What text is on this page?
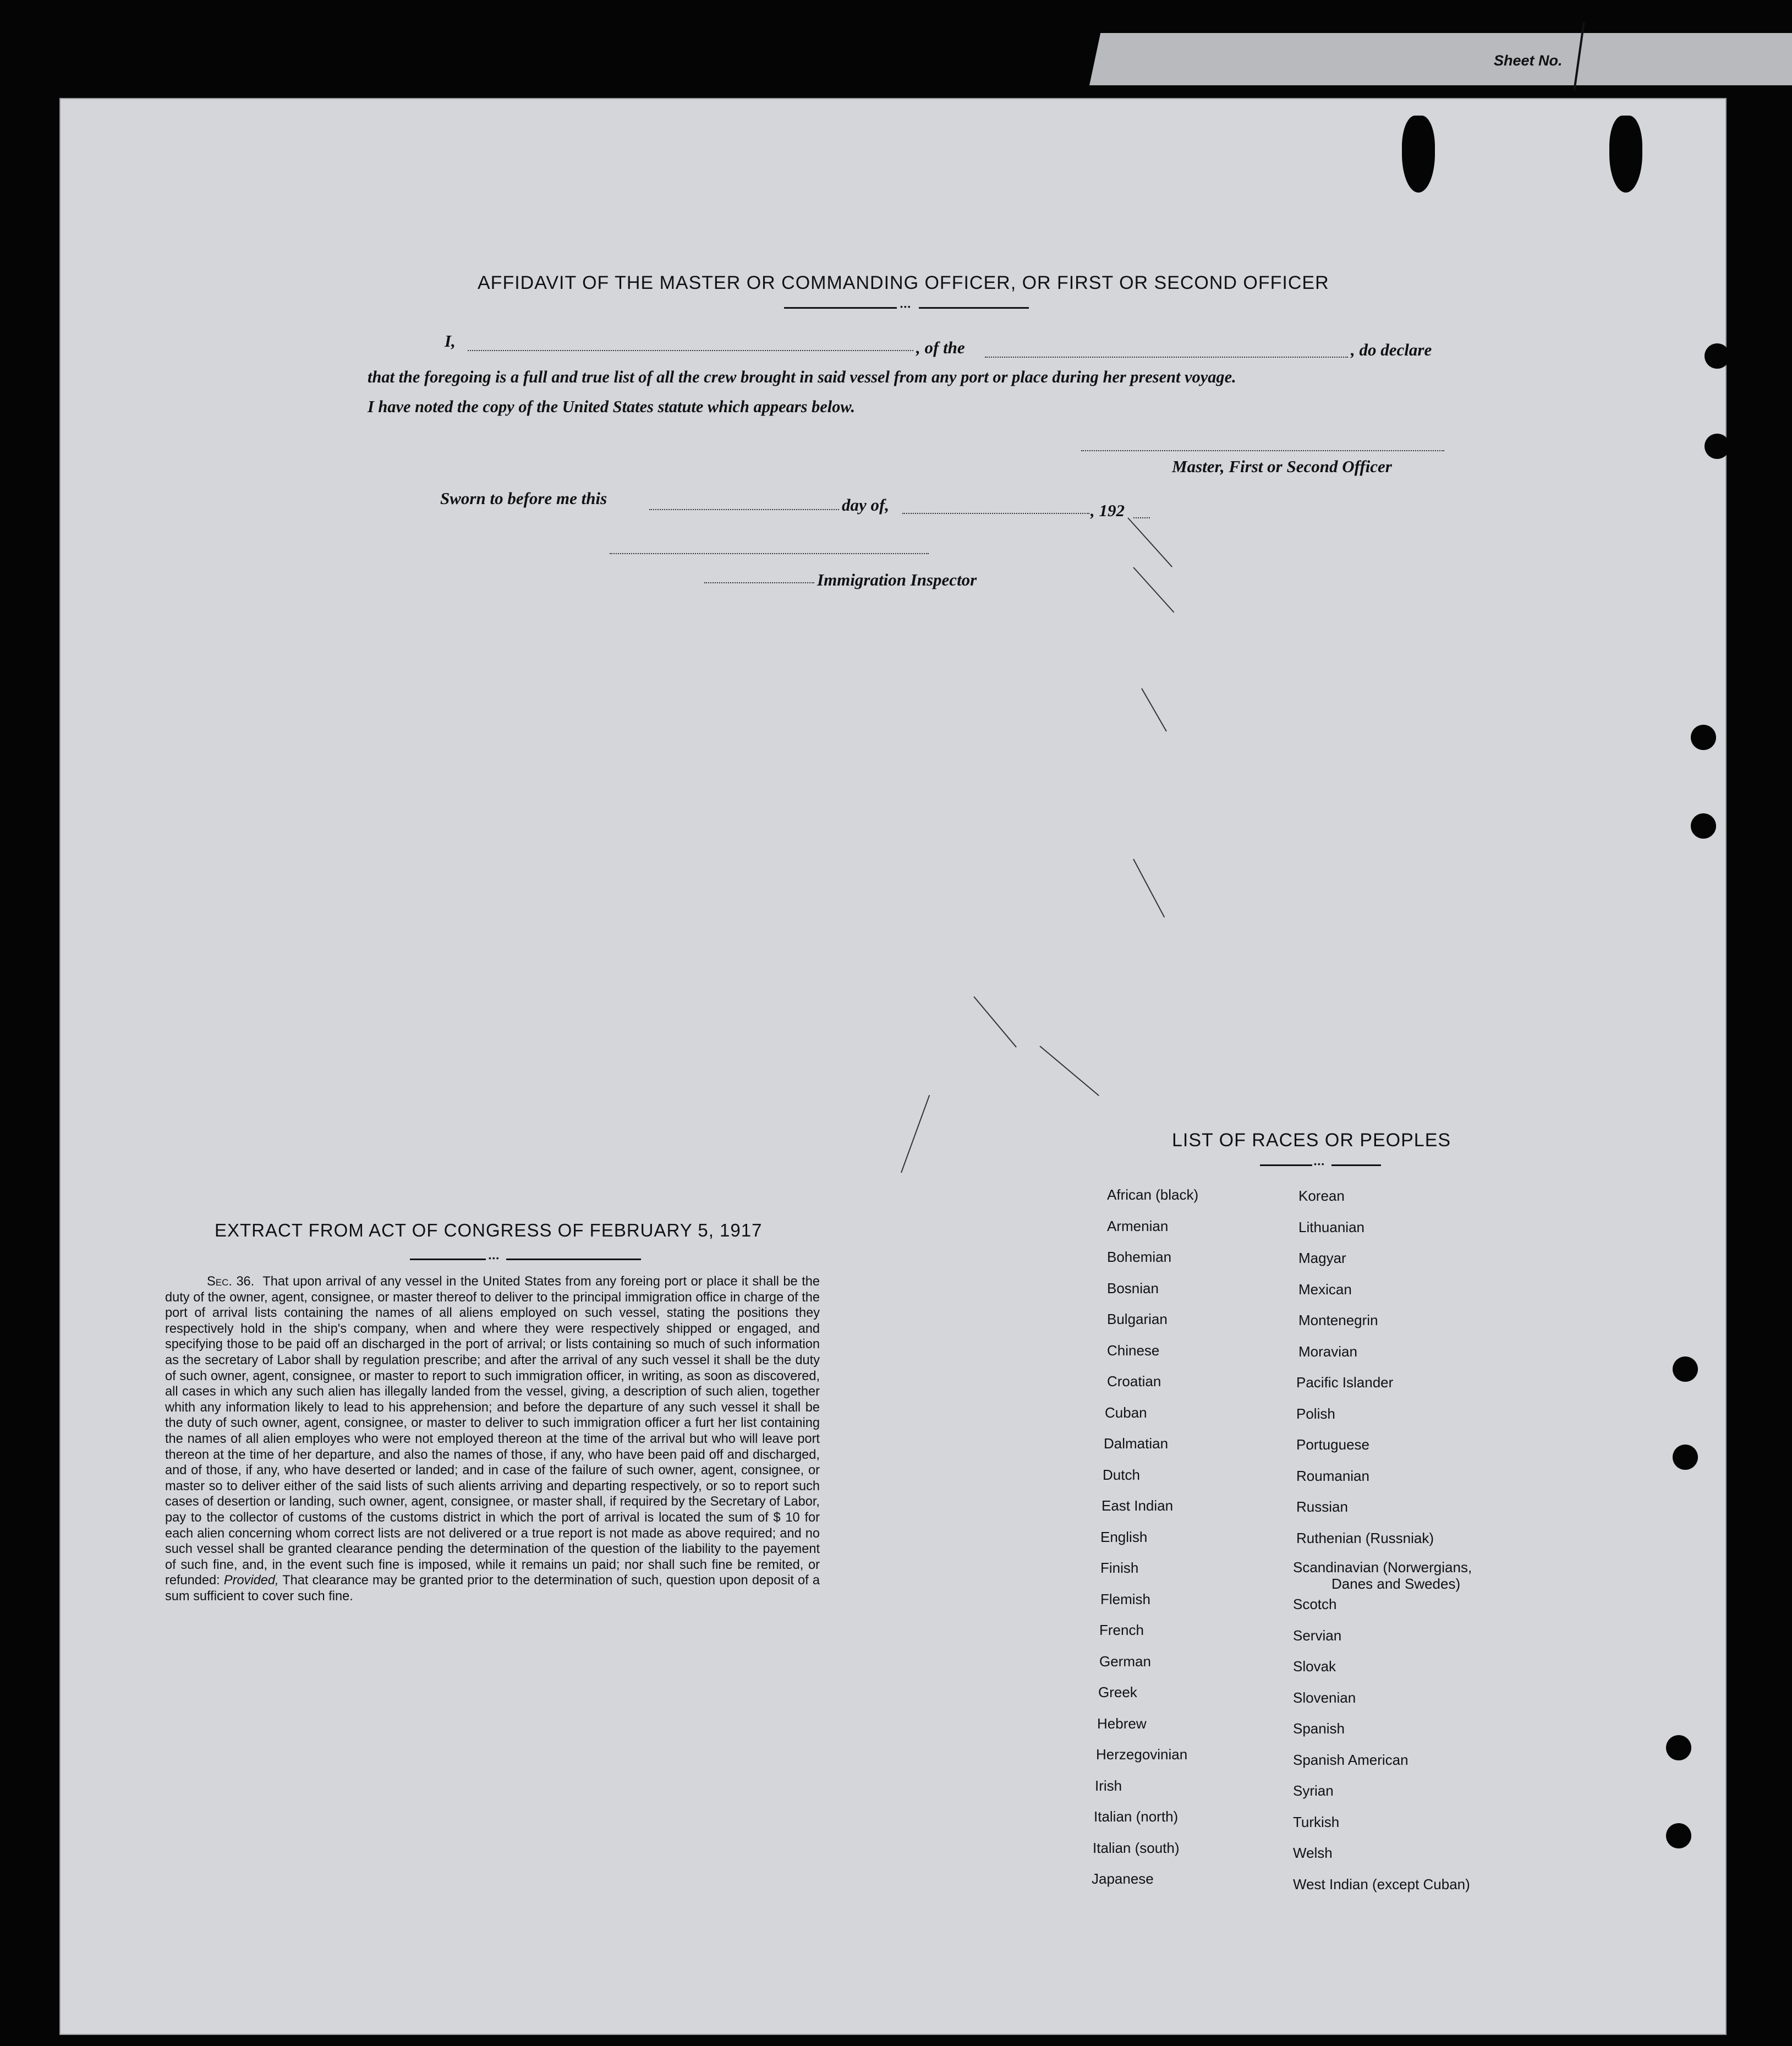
Sheet No.
AFFIDAVIT OF THE MASTER OR COMMANDING OFFICER, OR FIRST OR SECOND OFFICER
•••
I,	, of the	, do declare
that the foregoing is a full and true list of all the crew brought in said vessel from any port or place during her present voyage.
I have noted the copy of the United States statute which appears below.
Master, First or Second Officer
Sworn to before me this	day of,	, 192
Immigration Inspector
EXTRACT FROM ACT OF CONGRESS OF FEBRUARY 5, 1917
•••
Sec. 36. That upon arrival of any vessel in the United States from any foreing port or place it shall be the duty of the owner, agent, consignee, or master thereof to deliver to the principal immigration office in charge of the port of arrival lists containing the names of all aliens employed on such vessel, stating the positions they respectively hold in the ship's company, when and where they were respectively shipped or engaged, and specifying those to be paid off an discharged in the port of arrival; or lists containing so much of such information as the secretary of Labor shall by regulation prescribe; and after the arrival of any such vessel it shall be the duty of such owner, agent, consignee, or master to report to such immigration officer, in writing, as soon as discovered, all cases in which any such alien has illegally landed from the vessel, giving, a description of such alien, together whith any information likely to lead to his apprehension; and before the departure of any such vessel it shall be the duty of such owner, agent, consignee, or master to deliver to such immigration officer a furt her list containing the names of all alien employes who were not employed thereon at the time of the arrival but who will leave port thereon at the time of her departure, and also the names of those, if any, who have been paid off and discharged, and of those, if any, who have deserted or landed; and in case of the failure of such owner, agent, consignee, or master so to deliver either of the said lists of such alients arriving and departing respectively, or so to report such cases of desertion or landing, such owner, agent, consignee, or master shall, if required by the Secretary of Labor, pay to the collector of customs of the customs district in which the port of arrival is located the sum of $ 10 for each alien concerning whom correct lists are not delivered or a true report is not made as above required; and no such vessel shall be granted clearance pending the determination of the question of the liability to the payement of such fine, and, in the event such fine is imposed, while it remains un paid; nor shall such fine be remited, or refunded: Provided, That clearance may be granted prior to the determination of such, question upon deposit of a sum sufficient to cover such fine.
LIST OF RACES OR PEOPLES
•••
African (black)
Armenian
Bohemian
Bosnian
Bulgarian
Chinese
Croatian
Cuban
Dalmatian
Dutch
East Indian
English
Finish
Flemish
French
German
Greek
Hebrew
Herzegovinian
Irish
Italian (north)
Italian (south)
Japanese
Korean
Lithuanian
Magyar
Mexican
Montenegrin
Moravian
Pacific Islander
Polish
Portuguese
Roumanian
Russian
Ruthenian (Russniak)
Scandinavian (Norwergians,
Danes and Swedes)
Scotch
Servian
Slovak
Slovenian
Spanish
Spanish American
Syrian
Turkish
Welsh
West Indian (except Cuban)
